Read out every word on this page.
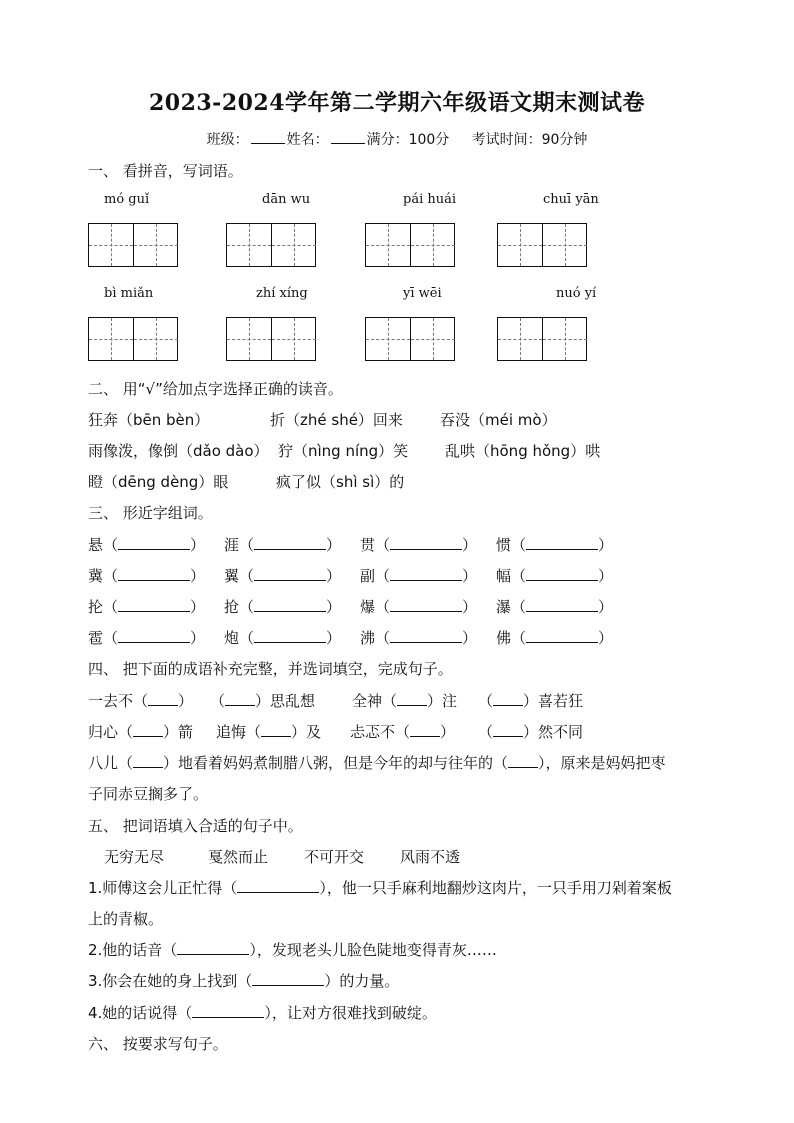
2023-2024学年第二学期六年级语文期末测试卷
班级：	姓名：	满分：100分 考试时间：90分钟
一、 看拼音，写词语。
mó guǐ	dān wu	pái huái	chuī yān
bì miǎn	zhí xíng	yī wēi	nuó yí
二、 用“√”给加点字选择正确的读音。
狂奔（bēn bèn）	折（zhé shé）回来 吞没（méi mò）
雨像泼，像倒（dǎo dào） 狞（nìng níng）笑 乱哄（hōng hǒng）哄
瞪（dēng dèng）眼	疯了似（shì sì）的
三、 形近字组词。
悬（	） 涯（	） 贯（	） 惯（	）
冀（	） 翼（	） 副（	） 幅（	）
抡（	） 抢（	） 爆（	） 瀑（	）
雹（	） 炮（	） 沸（	） 佛（	）
四、 把下面的成语补充完整，并选词填空，完成句子。
一去不（ ） （ ）思乱想 全神（ ）注 （ ）喜若狂
归心（ ）箭 追悔（ ）及 忐忑不（ ） （ ）然不同
八儿（ ）地看着妈妈煮制腊八粥，但是今年的却与往年的（ ），原来是妈妈把枣
子同赤豆搁多了。
五、 把词语填入合适的句子中。
无穷无尽	戛然而止 不可开交 风雨不透
1.师傅这会儿正忙得（	），他一只手麻利地翻炒这肉片，一只手用刀剁着案板
上的青椒。
2.他的话音（	），发现老头儿脸色陡地变得青灰……
3.你会在她的身上找到（	）的力量。
4.她的话说得（	），让对方很难找到破绽。
六、 按要求写句子。
